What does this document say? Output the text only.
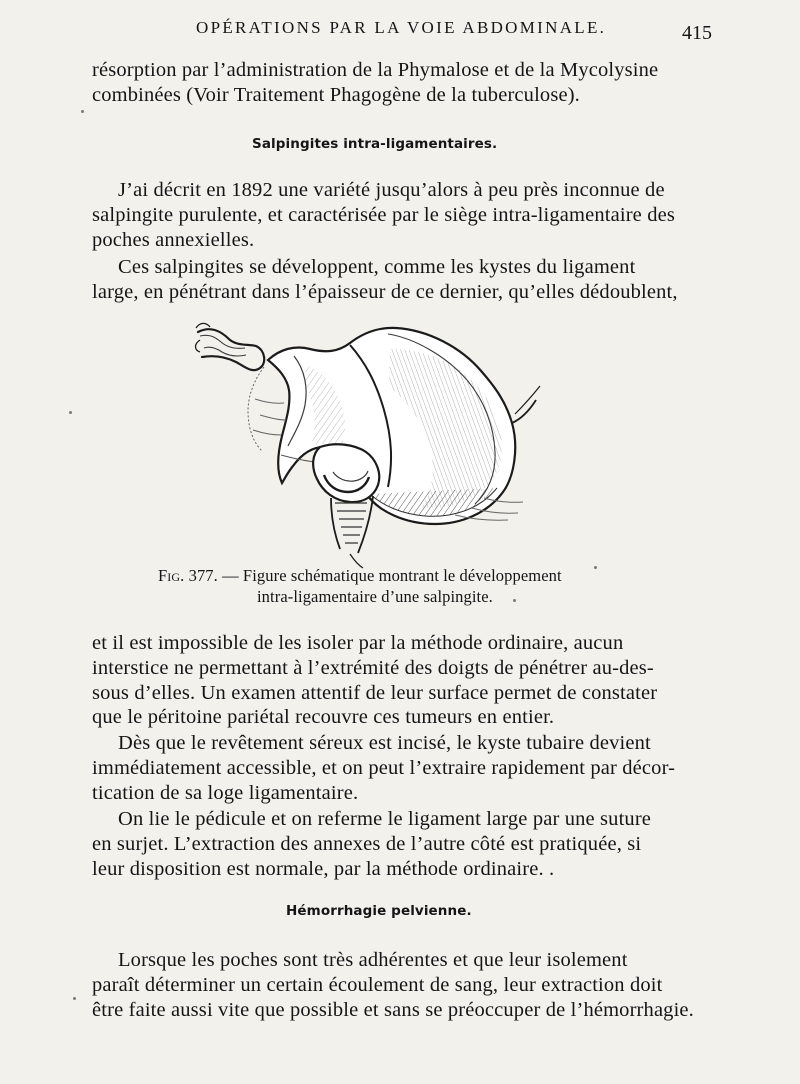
OPÉRATIONS PAR LA VOIE ABDOMINALE.	415
résorption par l’administration de la Phymalose et de la Mycolysine
combinées (Voir Traitement Phagogène de la tuberculose).
Salpingites intra-ligamentaires.
J’ai décrit en 1892 une variété jusqu’alors à peu près inconnue de
salpingite purulente, et caractérisée par le siège intra-ligamentaire des
poches annexielles.
Ces salpingites se développent, comme les kystes du ligament
large, en pénétrant dans l’épaisseur de ce dernier, qu’elles dédoublent,
Fig. 377. — Figure schématique montrant le développement
intra-ligamentaire d’une salpingite.
et il est impossible de les isoler par la méthode ordinaire, aucun
interstice ne permettant à l’extrémité des doigts de pénétrer au-des-
sous d’elles. Un examen attentif de leur surface permet de constater
que le péritoine pariétal recouvre ces tumeurs en entier.
Dès que le revêtement séreux est incisé, le kyste tubaire devient
immédiatement accessible, et on peut l’extraire rapidement par décor-
tication de sa loge ligamentaire.
On lie le pédicule et on referme le ligament large par une suture
en surjet. L’extraction des annexes de l’autre côté est pratiquée, si
leur disposition est normale, par la méthode ordinaire. .
Hémorrhagie pelvienne.
Lorsque les poches sont très adhérentes et que leur isolement
paraît déterminer un certain écoulement de sang, leur extraction doit
être faite aussi vite que possible et sans se préoccuper de l’hémorrhagie.
